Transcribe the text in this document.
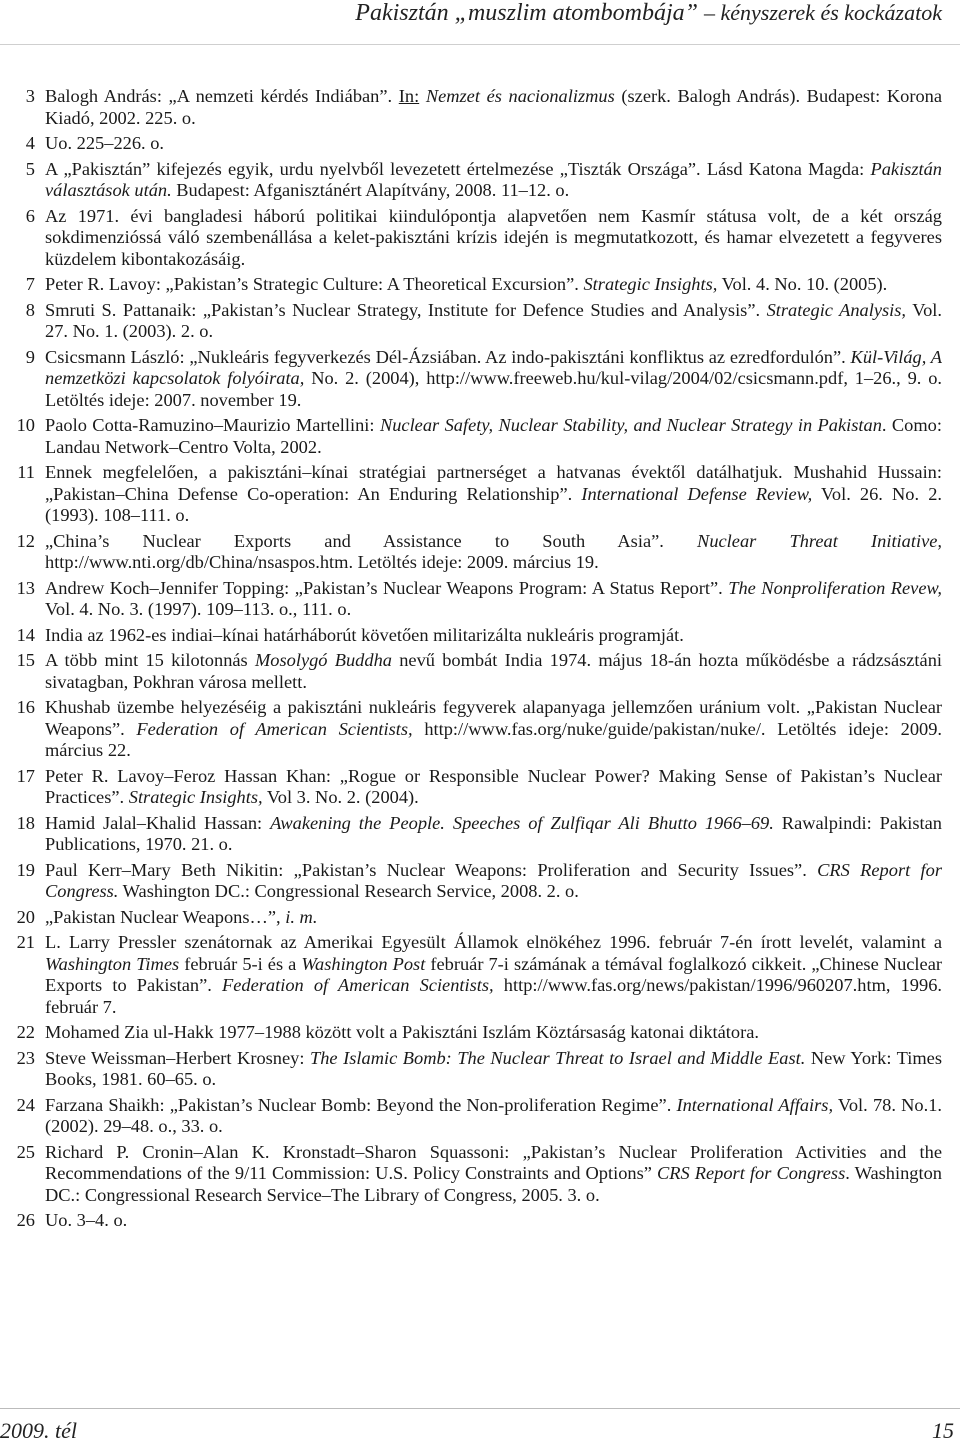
Pakisztán „muszlim atombombája” – kényszerek és kockázatok
3 Balogh András: „A nemzeti kérdés Indiában”. In: Nemzet és nacionalizmus (szerk. Balogh András). Budapest: Korona Kiadó, 2002. 225. o.
4 Uo. 225–226. o.
5 A „Pakisztán” kifejezés egyik, urdu nyelvből levezetett értelmezése „Tiszták Országa”. Lásd Katona Magda: Pakisztán választások után. Budapest: Afganisztánért Alapítvány, 2008. 11–12. o.
6 Az 1971. évi bangladesi háború politikai kiindulópontja alapvetően nem Kasmír státusa volt, de a két ország sokdimenzióssá váló szembenállása a kelet-pakisztáni krízis idején is megmutatkozott, és hamar elvezetett a fegyveres küzdelem kibontakozásáig.
7 Peter R. Lavoy: „Pakistan’s Strategic Culture: A Theoretical Excursion”. Strategic Insights, Vol. 4. No. 10. (2005).
8 Smruti S. Pattanaik: „Pakistan’s Nuclear Strategy, Institute for Defence Studies and Analysis”. Strategic Analysis, Vol. 27. No. 1. (2003). 2. o.
9 Csicsmann László: „Nukleáris fegyverkezés Dél-Ázsiában. Az indo-pakisztáni konfliktus az ezredfordulón”. Kül-Világ, A nemzetközi kapcsolatok folyóirata, No. 2. (2004), http://www.freeweb.hu/kul-vilag/2004/02/csicsmann.pdf, 1–26., 9. o. Letöltés ideje: 2007. november 19.
10 Paolo Cotta-Ramuzino–Maurizio Martellini: Nuclear Safety, Nuclear Stability, and Nuclear Strategy in Pakistan. Como: Landau Network–Centro Volta, 2002.
11 Ennek megfelelően, a pakisztáni–kínai stratégiai partnerséget a hatvanas évektől datálhatjuk. Mushahid Hussain: „Pakistan–China Defense Co-operation: An Enduring Relationship”. International Defense Review, Vol. 26. No. 2. (1993). 108–111. o.
12 „China’s Nuclear Exports and Assistance to South Asia”. Nuclear Threat Initiative, http://www.nti.org/db/China/nsaspos.htm. Letöltés ideje: 2009. március 19.
13 Andrew Koch–Jennifer Topping: „Pakistan’s Nuclear Weapons Program: A Status Report”. The Nonproliferation Revew, Vol. 4. No. 3. (1997). 109–113. o., 111. o.
14 India az 1962-es indiai–kínai határháborút követően militarizálta nukleáris programját.
15 A több mint 15 kilotonnás Mosolygó Buddha nevű bombát India 1974. május 18-án hozta működésbe a rádzsásztáni sivatagban, Pokhran városa mellett.
16 Khushab üzembe helyezéséig a pakisztáni nukleáris fegyverek alapanyaga jellemzően uránium volt. „Pakistan Nuclear Weapons”. Federation of American Scientists, http://www.fas.org/nuke/guide/pakistan/nuke/. Letöltés ideje: 2009. március 22.
17 Peter R. Lavoy–Feroz Hassan Khan: „Rogue or Responsible Nuclear Power? Making Sense of Pakistan’s Nuclear Practices”. Strategic Insights, Vol 3. No. 2. (2004).
18 Hamid Jalal–Khalid Hassan: Awakening the People. Speeches of Zulfiqar Ali Bhutto 1966–69. Rawalpindi: Pakistan Publications, 1970. 21. o.
19 Paul Kerr–Mary Beth Nikitin: „Pakistan’s Nuclear Weapons: Proliferation and Security Issues”. CRS Report for Congress. Washington DC.: Congressional Research Service, 2008. 2. o.
20 „Pakistan Nuclear Weapons…”, i. m.
21 L. Larry Pressler szenátornak az Amerikai Egyesült Államok elnökéhez 1996. február 7-én írott levelét, valamint a Washington Times február 5-i és a Washington Post február 7-i számának a témával foglalkozó cikkeit. „Chinese Nuclear Exports to Pakistan”. Federation of American Scientists, http://www.fas.org/news/pakistan/1996/960207.htm, 1996. február 7.
22 Mohamed Zia ul-Hakk 1977–1988 között volt a Pakisztáni Iszlám Köztársaság katonai diktátora.
23 Steve Weissman–Herbert Krosney: The Islamic Bomb: The Nuclear Threat to Israel and Middle East. New York: Times Books, 1981. 60–65. o.
24 Farzana Shaikh: „Pakistan’s Nuclear Bomb: Beyond the Non-proliferation Regime”. International Affairs, Vol. 78. No.1. (2002). 29–48. o., 33. o.
25 Richard P. Cronin–Alan K. Kronstadt–Sharon Squassoni: „Pakistan’s Nuclear Proliferation Activities and the Recommendations of the 9/11 Commission: U.S. Policy Constraints and Options” CRS Report for Congress. Washington DC.: Congressional Research Service–The Library of Congress, 2005. 3. o.
26 Uo. 3–4. o.
2009. tél	15
